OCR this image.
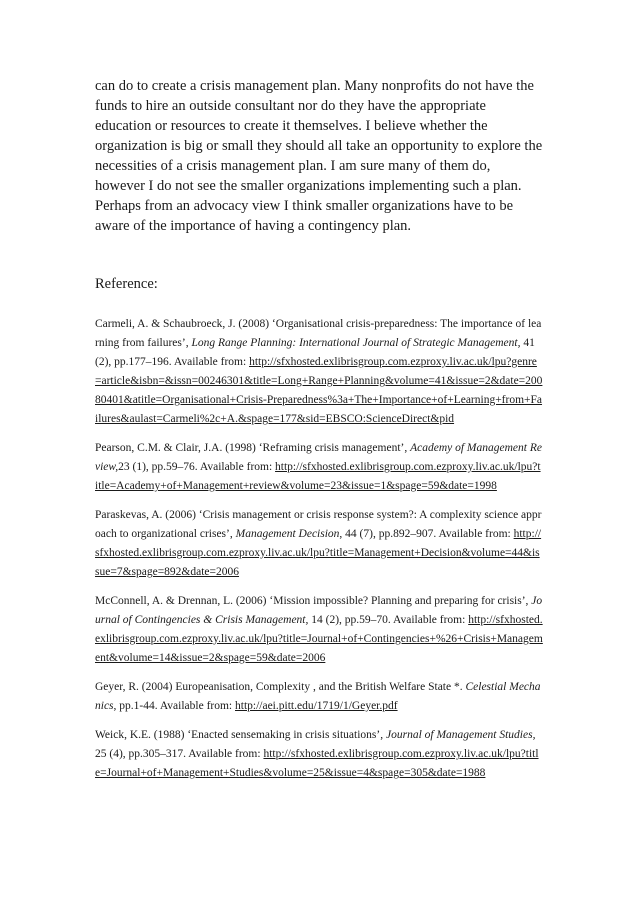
can do to create a crisis management plan. Many nonprofits do not have the funds to hire an outside consultant nor do they have the appropriate education or resources to create it themselves. I believe whether the organization is big or small they should all take an opportunity to explore the necessities of a crisis management plan. I am sure many of them do, however I do not see the smaller organizations implementing such a plan. Perhaps from an advocacy view I think smaller organizations have to be aware of the importance of having a contingency plan.

Reference:

Carmeli, A. & Schaubroeck, J. (2008) ‘Organisational crisis-preparedness: The importance of learning from failures’, Long Range Planning: International Journal of Strategic Management, 41 (2), pp.177–196. Available from: http://sfxhosted.exlibrisgroup.com.ezproxy.liv.ac.uk/lpu?genre=article&isbn=&issn=00246301&title=Long+Range+Planning&volume=41&issue=2&date=20080401&atitle=Organisational+Crisis-Preparedness%3a+The+Importance+of+Learning+from+Failures&aulast=Carmeli%2c+A.&spage=177&sid=EBSCO:ScienceDirect&pid

Pearson, C.M. & Clair, J.A. (1998) ‘Reframing crisis management’, Academy of Management Review,23 (1), pp.59–76. Available from: http://sfxhosted.exlibrisgroup.com.ezproxy.liv.ac.uk/lpu?title=Academy+of+Management+review&volume=23&issue=1&spage=59&date=1998

Paraskevas, A. (2006) ‘Crisis management or crisis response system?: A complexity science approach to organizational crises’, Management Decision, 44 (7), pp.892–907. Available from: http://sfxhosted.exlibrisgroup.com.ezproxy.liv.ac.uk/lpu?title=Management+Decision&volume=44&issue=7&spage=892&date=2006

McConnell, A. & Drennan, L. (2006) ‘Mission impossible? Planning and preparing for crisis’, Journal of Contingencies & Crisis Management, 14 (2), pp.59–70. Available from: http://sfxhosted.exlibrisgroup.com.ezproxy.liv.ac.uk/lpu?title=Journal+of+Contingencies+%26+Crisis+Management&volume=14&issue=2&spage=59&date=2006

Geyer, R. (2004) Europeanisation, Complexity , and the British Welfare State *. Celestial Mechanics, pp.1-44. Available from: http://aei.pitt.edu/1719/1/Geyer.pdf

Weick, K.E. (1988) ‘Enacted sensemaking in crisis situations’, Journal of Management Studies, 25 (4), pp.305–317. Available from: http://sfxhosted.exlibrisgroup.com.ezproxy.liv.ac.uk/lpu?title=Journal+of+Management+Studies&volume=25&issue=4&spage=305&date=1988
